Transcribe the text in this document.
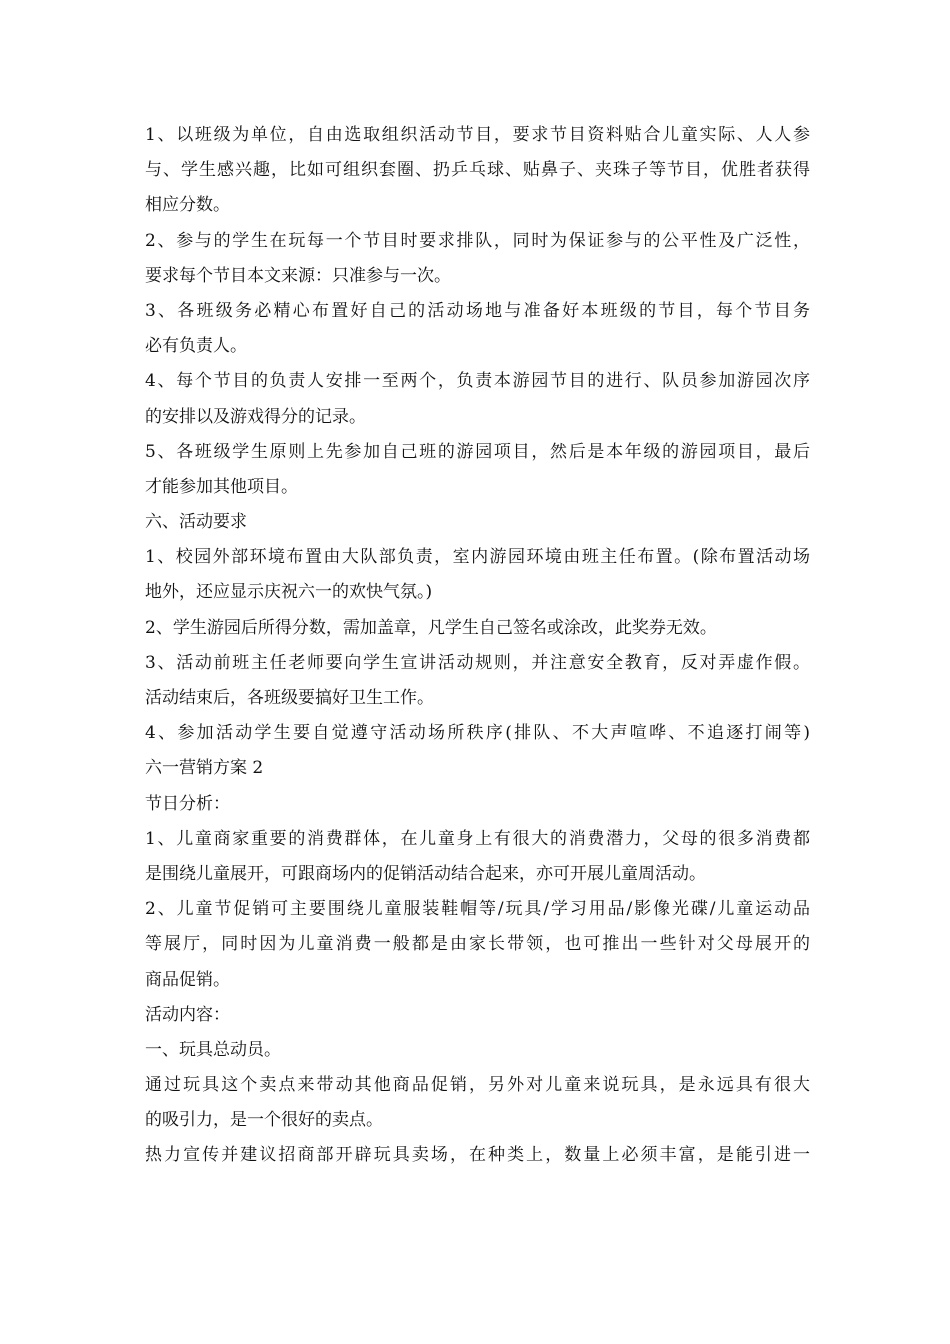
1、以班级为单位，自由选取组织活动节目，要求节目资料贴合儿童实际、人人参
与、学生感兴趣，比如可组织套圈、扔乒乓球、贴鼻子、夹珠子等节目，优胜者获得
相应分数。
2、参与的学生在玩每一个节目时要求排队，同时为保证参与的公平性及广泛性，
要求每个节目本文来源：只准参与一次。
3、各班级务必精心布置好自己的活动场地与准备好本班级的节目，每个节目务
必有负责人。
4、每个节目的负责人安排一至两个，负责本游园节目的进行、队员参加游园次序
的安排以及游戏得分的记录。
5、各班级学生原则上先参加自己班的游园项目，然后是本年级的游园项目，最后
才能参加其他项目。
六、活动要求
1、校园外部环境布置由大队部负责，室内游园环境由班主任布置。(除布置活动场
地外，还应显示庆祝六一的欢快气氛。)
2、学生游园后所得分数，需加盖章，凡学生自己签名或涂改，此奖券无效。
3、活动前班主任老师要向学生宣讲活动规则，并注意安全教育，反对弄虚作假。
活动结束后，各班级要搞好卫生工作。
4、参加活动学生要自觉遵守活动场所秩序(排队、不大声喧哗、不追逐打闹等)
六一营销方案 2
节日分析：
1、儿童商家重要的消费群体，在儿童身上有很大的消费潜力，父母的很多消费都
是围绕儿童展开，可跟商场内的促销活动结合起来，亦可开展儿童周活动。
2、儿童节促销可主要围绕儿童服装鞋帽等/玩具/学习用品/影像光碟/儿童运动品
等展厅，同时因为儿童消费一般都是由家长带领，也可推出一些针对父母展开的
商品促销。
活动内容：
一、玩具总动员。
通过玩具这个卖点来带动其他商品促销，另外对儿童来说玩具，是永远具有很大
的吸引力，是一个很好的卖点。
热力宣传并建议招商部开辟玩具卖场，在种类上，数量上必须丰富，是能引进一
